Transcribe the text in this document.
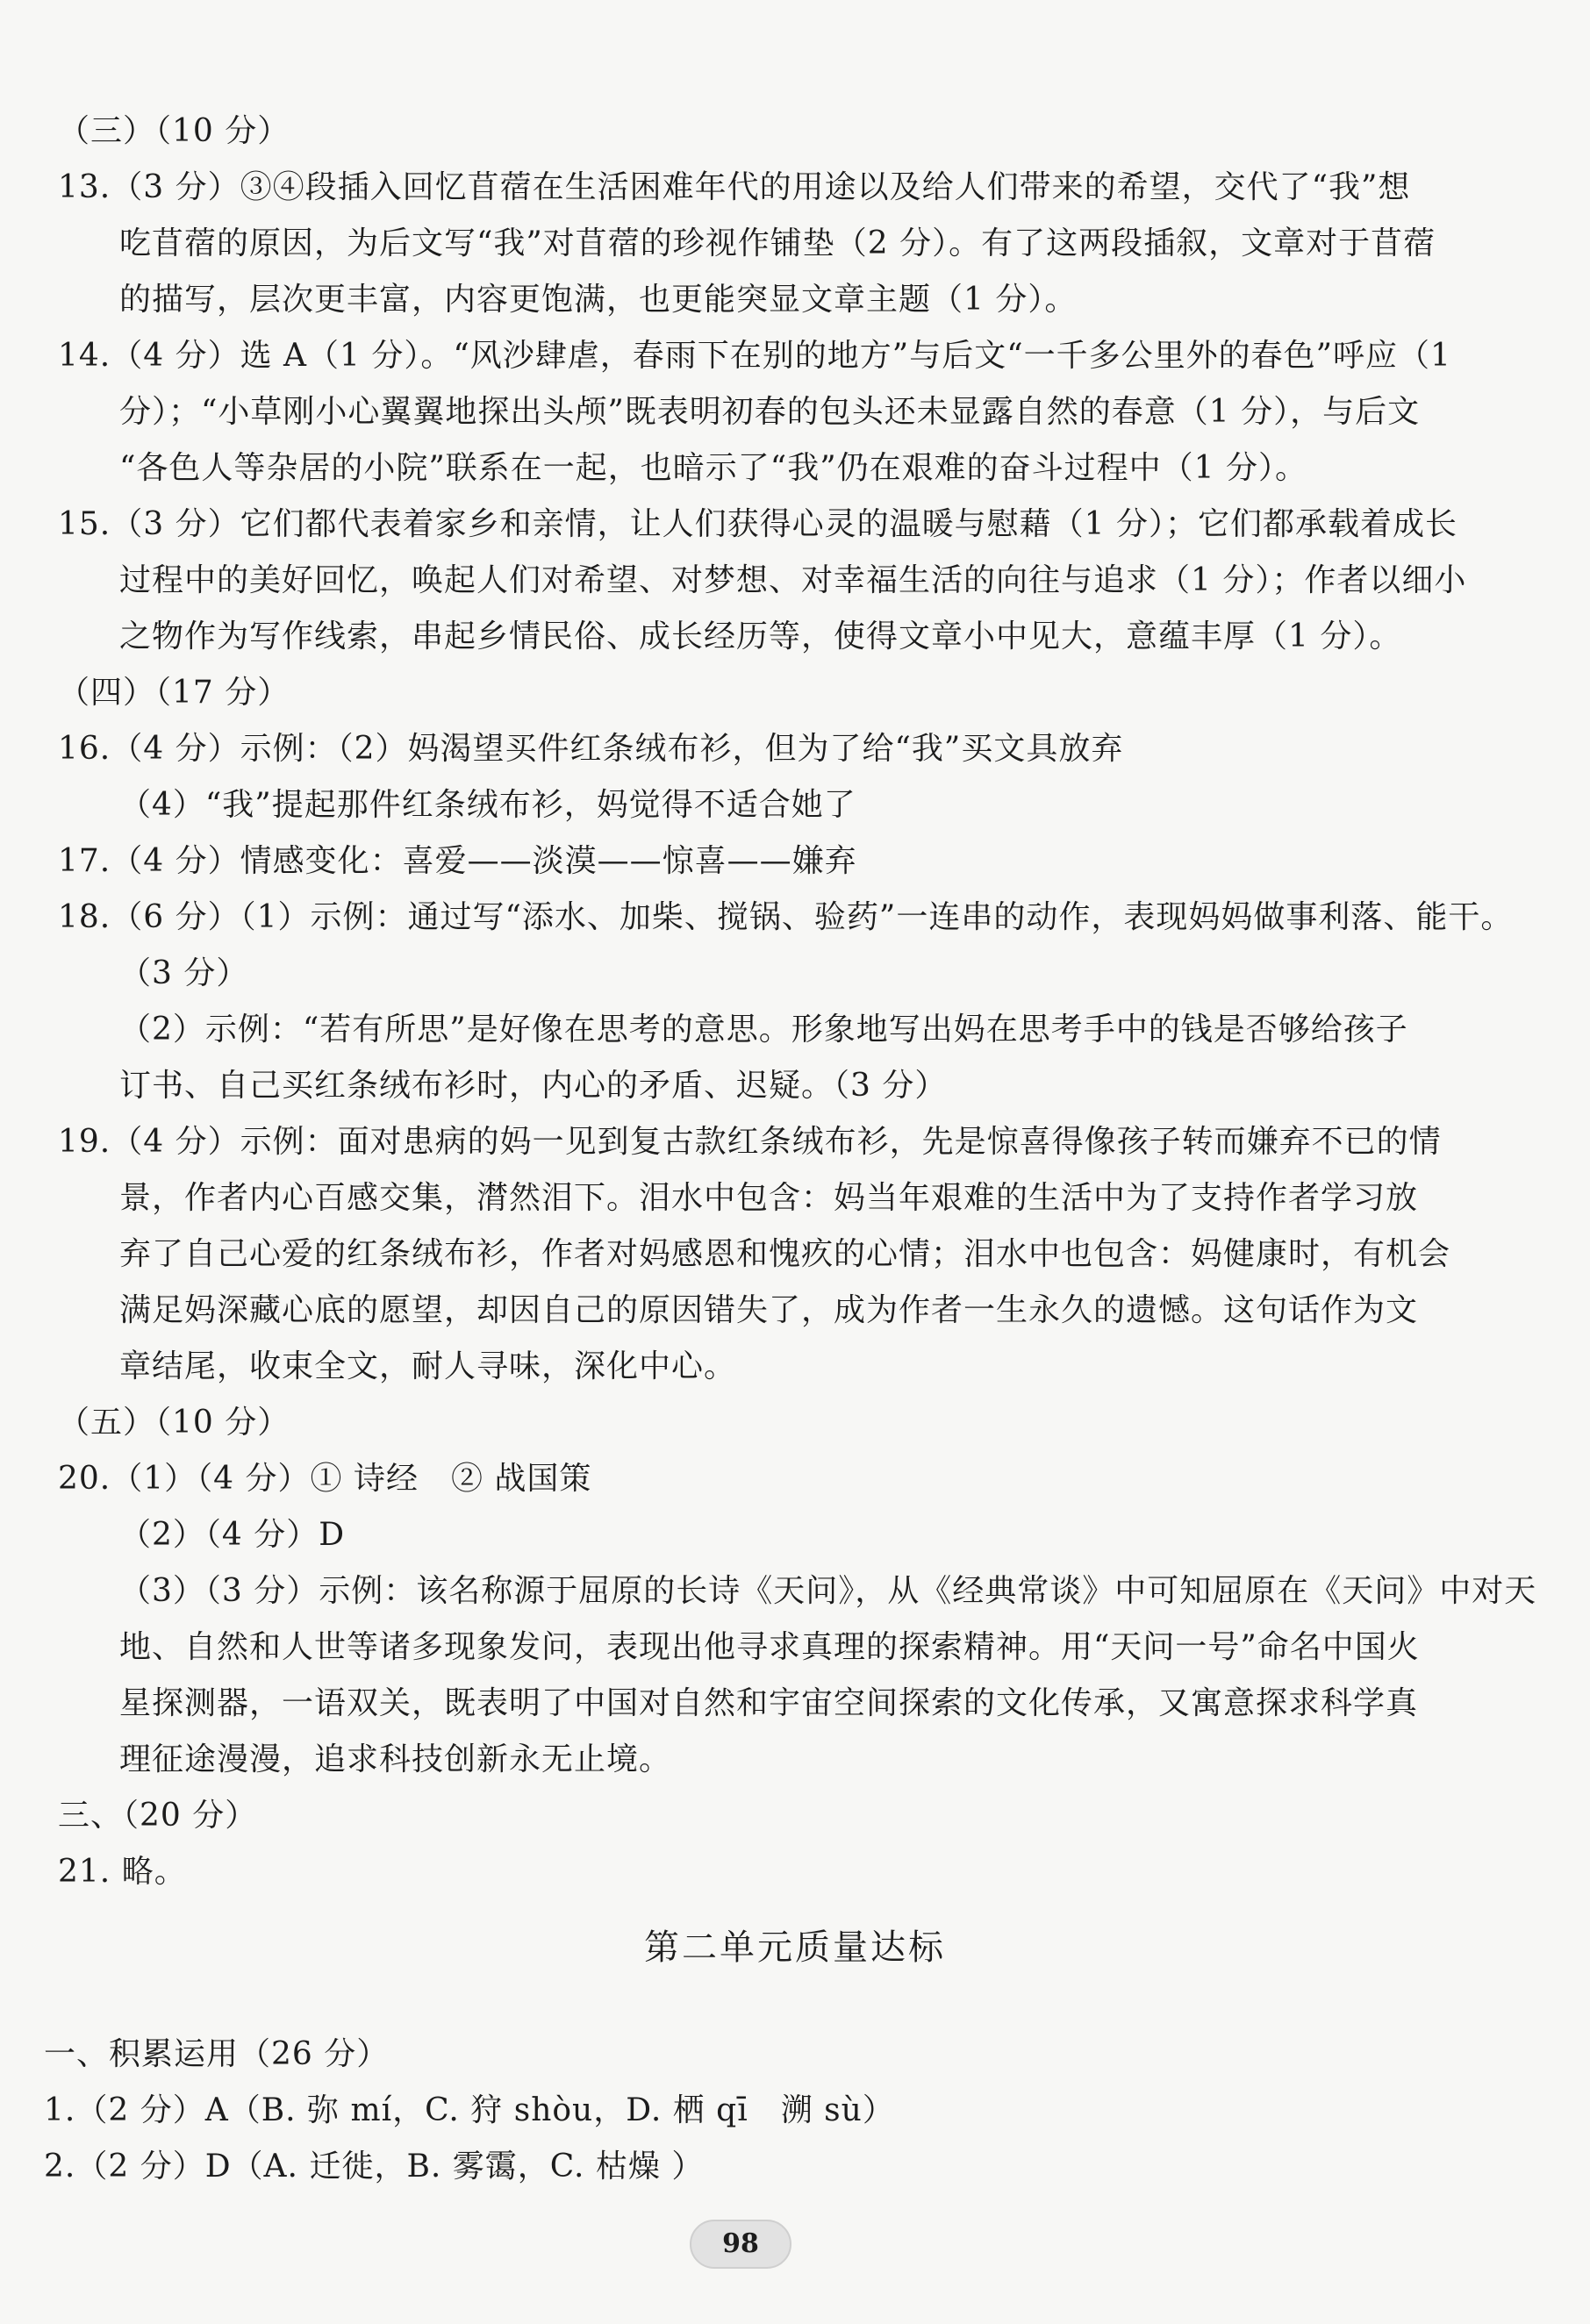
（三）（10 分）
13.（3 分）③④段插入回忆苜蓿在生活困难年代的用途以及给人们带来的希望，交代了“我”想
吃苜蓿的原因，为后文写“我”对苜蓿的珍视作铺垫（2 分）。有了这两段插叙，文章对于苜蓿
的描写，层次更丰富，内容更饱满，也更能突显文章主题（1 分）。
14.（4 分）选 A（1 分）。“风沙肆虐，春雨下在别的地方”与后文“一千多公里外的春色”呼应（1
分）；“小草刚小心翼翼地探出头颅”既表明初春的包头还未显露自然的春意（1 分），与后文
“各色人等杂居的小院”联系在一起，也暗示了“我”仍在艰难的奋斗过程中（1 分）。
15.（3 分）它们都代表着家乡和亲情，让人们获得心灵的温暖与慰藉（1 分）；它们都承载着成长
过程中的美好回忆，唤起人们对希望、对梦想、对幸福生活的向往与追求（1 分）；作者以细小
之物作为写作线索，串起乡情民俗、成长经历等，使得文章小中见大，意蕴丰厚（1 分）。
（四）（17 分）
16.（4 分）示例：（2）妈渴望买件红条绒布衫，但为了给“我”买文具放弃
（4）“我”提起那件红条绒布衫，妈觉得不适合她了
17.（4 分）情感变化：喜爱——淡漠——惊喜——嫌弃
18.（6 分）（1）示例：通过写“添水、加柴、搅锅、验药”一连串的动作，表现妈妈做事利落、能干。
（3 分）
（2）示例：“若有所思”是好像在思考的意思。形象地写出妈在思考手中的钱是否够给孩子
订书、自己买红条绒布衫时，内心的矛盾、迟疑。（3 分）
19.（4 分）示例：面对患病的妈一见到复古款红条绒布衫，先是惊喜得像孩子转而嫌弃不已的情
景，作者内心百感交集，潸然泪下。泪水中包含：妈当年艰难的生活中为了支持作者学习放
弃了自己心爱的红条绒布衫，作者对妈感恩和愧疚的心情；泪水中也包含：妈健康时，有机会
满足妈深藏心底的愿望，却因自己的原因错失了，成为作者一生永久的遗憾。这句话作为文
章结尾，收束全文，耐人寻味，深化中心。
（五）（10 分）
20.（1）（4 分）① 诗经　② 战国策
（2）（4 分）D
（3）（3 分）示例：该名称源于屈原的长诗《天问》，从《经典常谈》中可知屈原在《天问》中对天
地、自然和人世等诸多现象发问，表现出他寻求真理的探索精神。用“天问一号”命名中国火
星探测器，一语双关，既表明了中国对自然和宇宙空间探索的文化传承，又寓意探求科学真
理征途漫漫，追求科技创新永无止境。
三、（20 分）
21. 略。
第二单元质量达标
一、积累运用（26 分）
1.（2 分）A（B. 弥 mí，C. 狩 shòu，D. 栖 qī　溯 sù）
2.（2 分）D（A. 迁徙，B. 雾霭，C. 枯燥 ）
98
